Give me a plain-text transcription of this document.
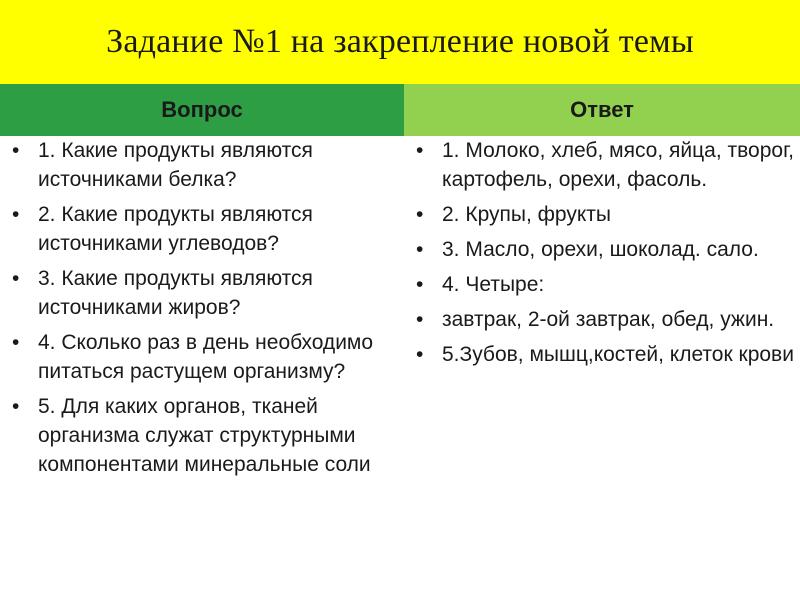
Задание №1 на закрепление новой темы
Вопрос	Ответ
• 1. Какие продукты являются источниками белка?
• 2. Какие продукты являются источниками углеводов?
• 3. Какие продукты являются источниками жиров?
• 4. Сколько раз в день необходимо питаться растущем организму?
• 5. Для каких органов, тканей организма служат структурными компонентами минеральные соли
• 1. Молоко, хлеб, мясо, яйца, творог, картофель, орехи, фасоль.
• 2. Крупы, фрукты
• 3. Масло, орехи, шоколад. сало.
• 4. Четыре:
• завтрак, 2-ой завтрак, обед, ужин.
• 5.Зубов, мышц,костей, клеток крови
